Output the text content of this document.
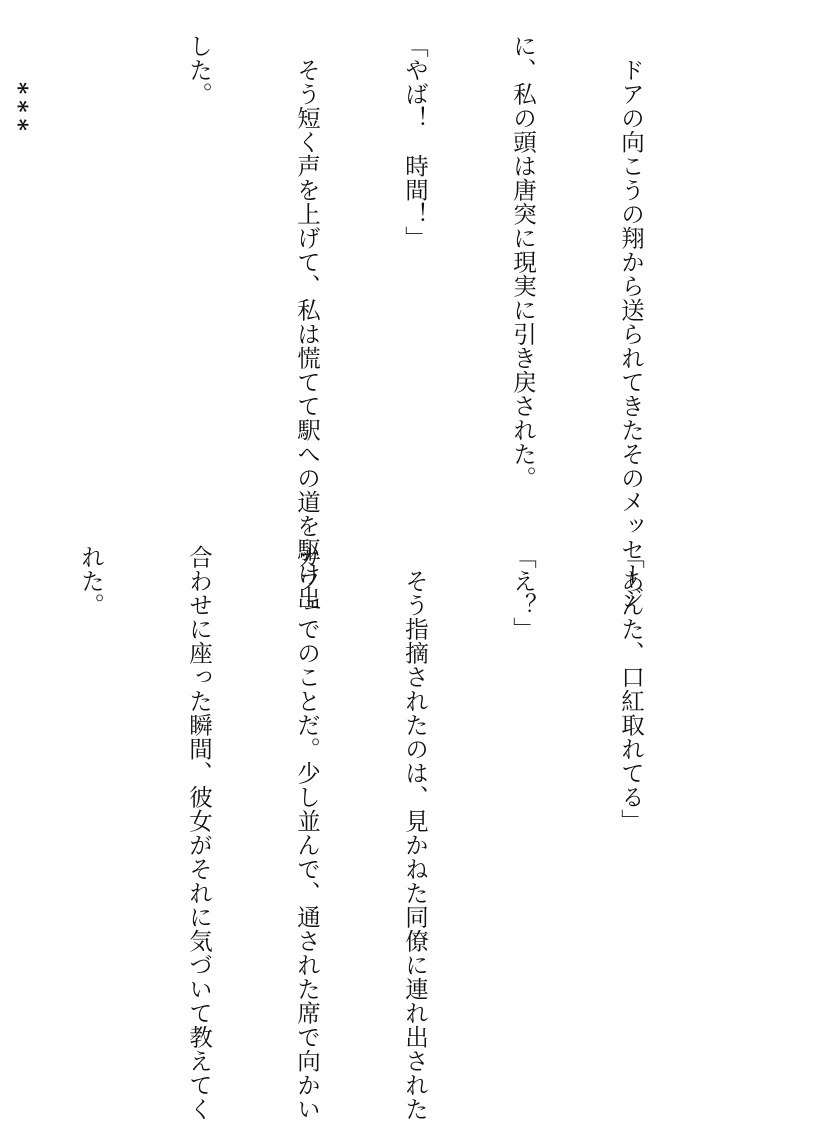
　ドアの向こうの翔から送られてきたそのメッセージ

に、私の頭は唐突に現実に引き戻された。

「やば！　時間！」

　そう短く声を上げて、私は慌てて駅への道を駆け出

した。

***

「あんた、口紅取れてる」

「え？」

　そう指摘されたのは、見かねた同僚に連れ出された

カフェでのことだ。少し並んで、通された席で向かい

合わせに座った瞬間、彼女がそれに気づいて教えてく

れた。
